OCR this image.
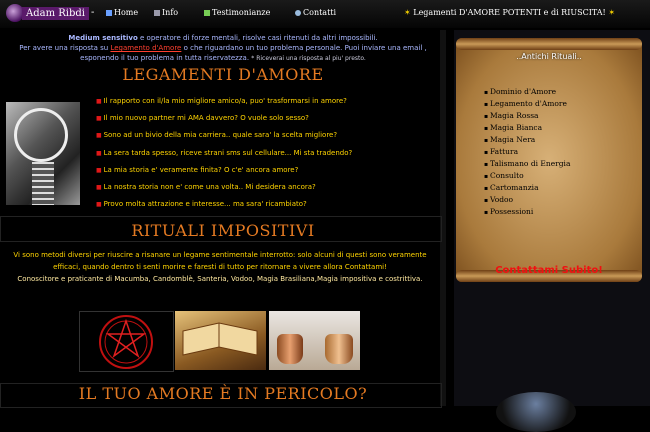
Adam Ribdi -	Home	Info	Testimonianze	Contatti	✶ Legamenti D'AMORE POTENTI e di RIUSCITA! ✶
Medium sensitivo e operatore di forze mentali, risolve casi ritenuti da altri impossibili.
Per avere una risposta su Legamento d'Amore o che riguardano un tuo problema personale. Puoi inviare una email ,
esponendo il tuo problema in tutta riservatezza. * Riceverai una risposta al piu' presto.
LEGAMENTI D'AMORE
■ Il rapporto con il/la mio migliore amico/a, puo' trasformarsi in amore?
■ Il mio nuovo partner mi AMA davvero? O vuole solo sesso?
■ Sono ad un bivio della mia carriera.. quale sara' la scelta migliore?
■ La sera tarda spesso, riceve strani sms sul cellulare... Mi sta tradendo?
■ La mia storia e' veramente finita? O c'e' ancora amore?
■ La nostra storia non e' come una volta.. Mi desidera ancora?
■ Provo molta attrazione e interesse... ma sara' ricambiato?
RITUALI IMPOSITIVI
Vi sono metodi diversi per riuscire a risanare un legame sentimentale interrotto: solo alcuni di questi sono veramente
efficaci, quando dentro ti senti morire e faresti di tutto per ritornare a vivere allora Contattami!
Conoscitore e praticante di Macumba, Candomblè, Santeria, Vodoo, Magia Brasiliana,Magia impositiva e costrittiva.
IL TUO AMORE È IN PERICOLO?
..Antichi Rituali..
▪ Dominio d'Amore
▪ Legamento d'Amore
▪ Magia Rossa
▪ Magia Bianca
▪ Magia Nera
▪ Fattura
▪ Talismano di Energia
▪ Consulto
▪ Cartomanzia
▪ Vodoo
▪ Possessioni
Contattami Subito!
